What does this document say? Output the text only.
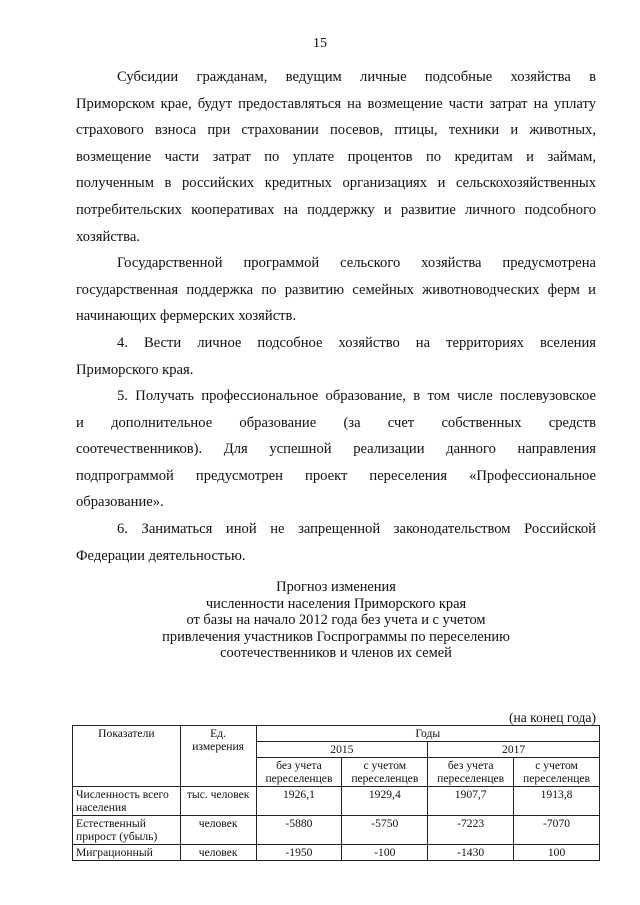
15
Субсидии гражданам, ведущим личные подсобные хозяйства в
Приморском крае, будут предоставляться на возмещение части затрат на уплату
страхового взноса при страховании посевов, птицы, техники и животных,
возмещение части затрат по уплате процентов по кредитам и займам,
полученным в российских кредитных организациях и сельскохозяйственных
потребительских кооперативах на поддержку и развитие личного подсобного
хозяйства.
Государственной программой сельского хозяйства предусмотрена
государственная поддержка по развитию семейных животноводческих ферм и
начинающих фермерских хозяйств.
4. Вести личное подсобное хозяйство на территориях вселения
Приморского края.
5. Получать профессиональное образование, в том числе послевузовское
и дополнительное образование (за счет собственных средств
соотечественников). Для успешной реализации данного направления
подпрограммой предусмотрен проект переселения «Профессиональное
образование».
6. Заниматься иной не запрещенной законодательством Российской
Федерации деятельностью.
Прогноз изменения
численности населения Приморского края
от базы на начало 2012 года без учета и с учетом
привлечения участников Госпрограммы по переселению
соотечественников и членов их семей
(на конец года)
Показатели	Ед. измерения	Годы			
		2015		2017	
		без учета переселенцев	с учетом переселенцев	без учета переселенцев	с учетом переселенцев
Численность всего населения	тыс. человек	1926,1	1929,4	1907,7	1913,8
Естественный прирост (убыль)	человек	-5880	-5750	-7223	-7070
Миграционный	человек	-1950	-100	-1430	100
